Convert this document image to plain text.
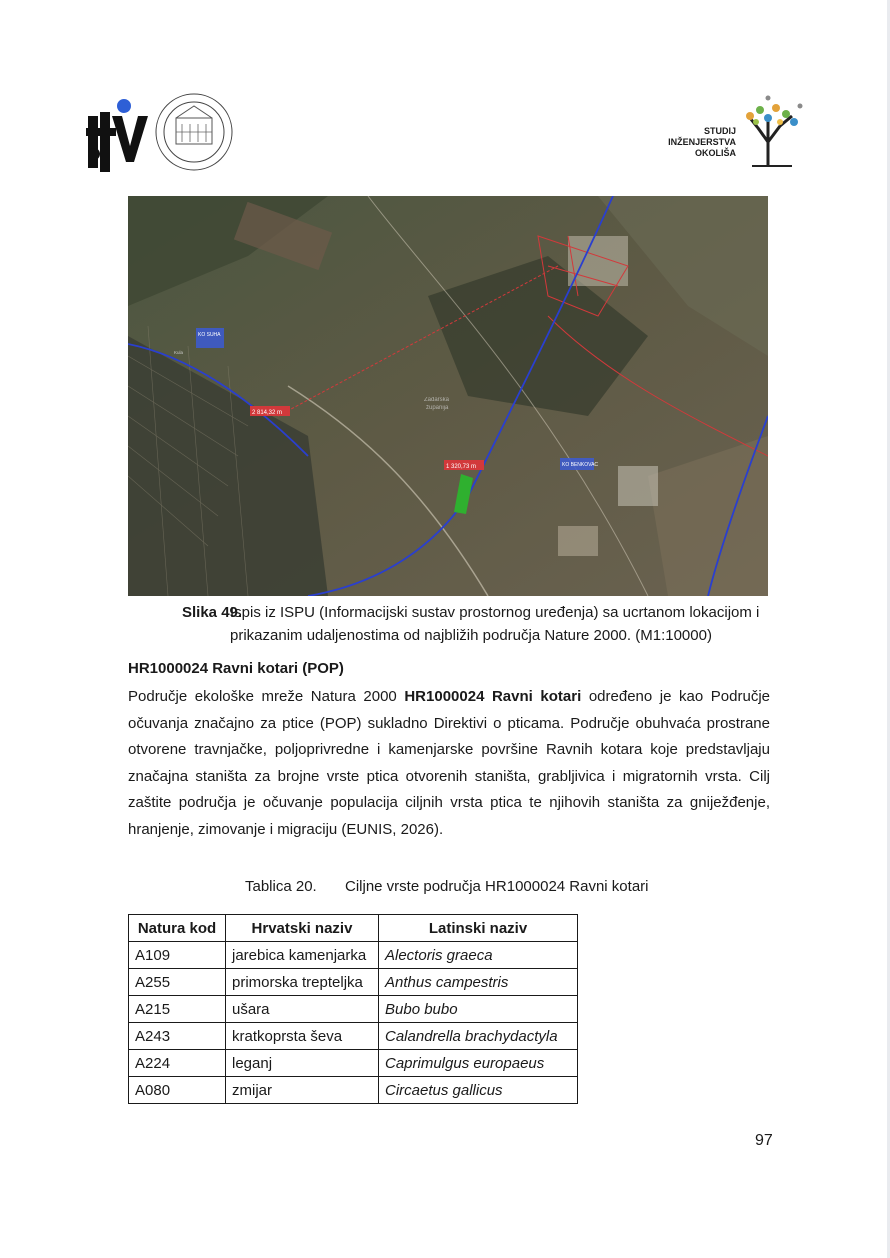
STUDIJ
INŽENJERSTVA
OKOLIŠA
2 814,32 m
1 320,73 m
KO SUHA
KO BENKOVAC
Zadarska
županija
Kula
Slika 49.
Ispis iz ISPU (Informacijski sustav prostornog uređenja) sa ucrtanom lokacijom i prikazanim udaljenostima od najbližih područja Nature 2000. (M1:10000)
HR1000024 Ravni kotari (POP)
Područje ekološke mreže Natura 2000 HR1000024 Ravni kotari određeno je kao Područje očuvanja značajno za ptice (POP) sukladno Direktivi o pticama. Područje obuhvaća prostrane otvorene travnjačke, poljoprivredne i kamenjarske površine Ravnih kotara koje predstavljaju značajna staništa za brojne vrste ptica otvorenih staništa, grabljivica i migratornih vrsta. Cilj zaštite područja je očuvanje populacija ciljnih vrsta ptica te njihovih staništa za gniježđenje, hranjenje, zimovanje i migraciju (EUNIS, 2026).
Tablica 20. Ciljne vrste područja HR1000024 Ravni kotari
Natura kod	Hrvatski naziv	Latinski naziv
A109	jarebica kamenjarka	Alectoris graeca
A255	primorska trepteljka	Anthus campestris
A215	ušara	Bubo bubo
A243	kratkoprsta ševa	Calandrella brachydactyla
A224	leganj	Caprimulgus europaeus
A080	zmijar	Circaetus gallicus
97
